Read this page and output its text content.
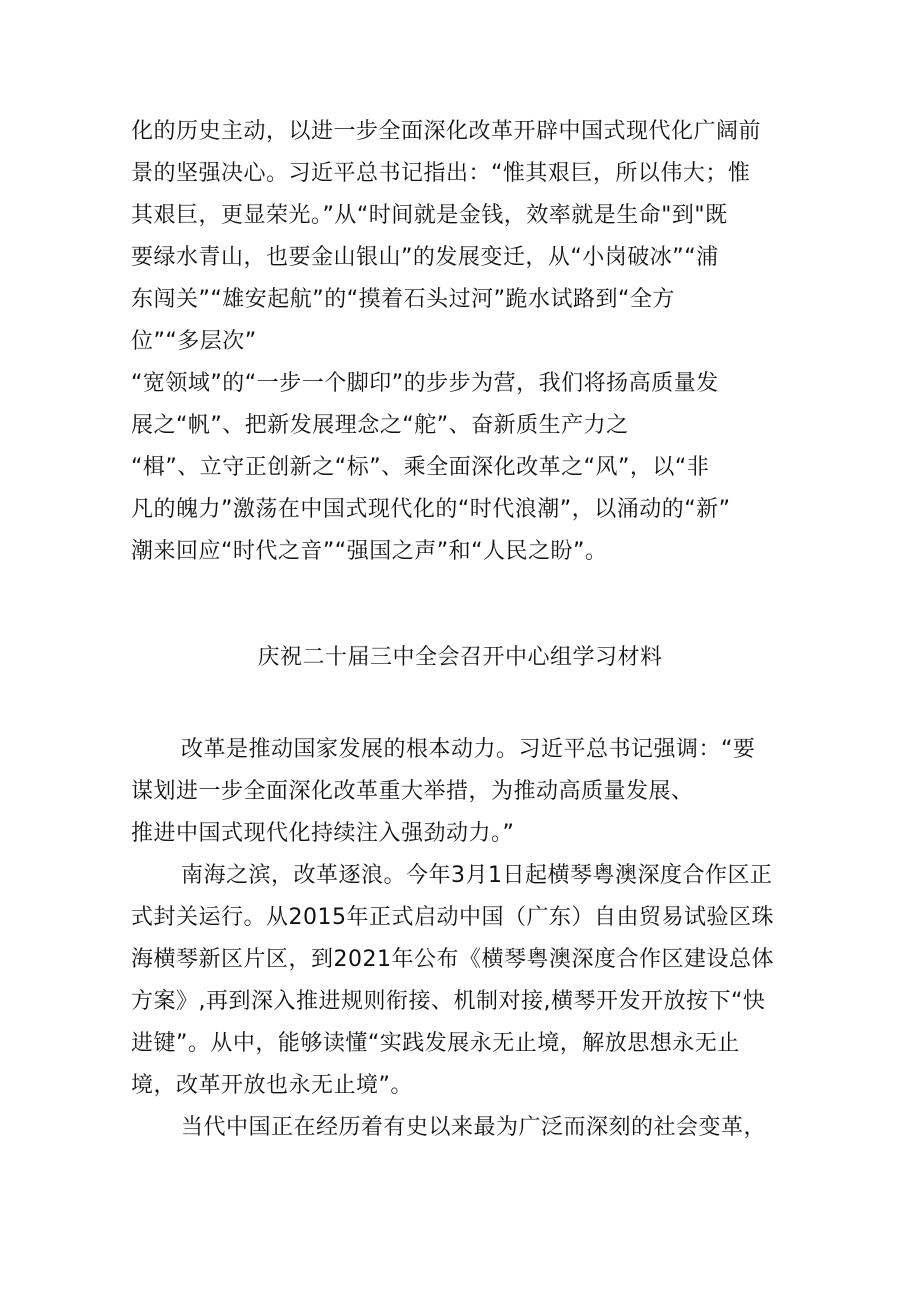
化的历史主动，以进一步全面深化改革开辟中国式现代化广阔前
景的坚强决心。习近平总书记指出：“惟其艰巨，所以伟大；惟
其艰巨，更显荣光。”从“时间就是金钱，效率就是生命"到"既
要绿水青山，也要金山银山”的发展变迁，从“小岗破冰”“浦
东闯关”“雄安起航”的“摸着石头过河”跪水试路到“全方
位”“多层次”
“宽领域”的“一步一个脚印”的步步为营，我们将扬高质量发
展之“帆”、把新发展理念之“舵”、奋新质生产力之
“楫”、立守正创新之“标”、乘全面深化改革之“风”，以“非
凡的魄力”激荡在中国式现代化的“时代浪潮”，以涌动的“新”
潮来回应“时代之音”“强国之声”和“人民之盼”。
庆祝二十届三中全会召开中心组学习材料
改革是推动国家发展的根本动力。习近平总书记强调：“要
谋划进一步全面深化改革重大举措，为推动高质量发展、
推进中国式现代化持续注入强劲动力。”
南海之滨，改革逐浪。今年3月1日起横琴粤澳深度合作区正
式封关运行。从2015年正式启动中国（广东）自由贸易试验区珠
海横琴新区片区，到2021年公布《横琴粤澳深度合作区建设总体
方案》,再到深入推进规则衔接、机制对接,横琴开发开放按下“快
进键”。从中，能够读懂“实践发展永无止境，解放思想永无止
境，改革开放也永无止境”。
当代中国正在经历着有史以来最为广泛而深刻的社会变革，
